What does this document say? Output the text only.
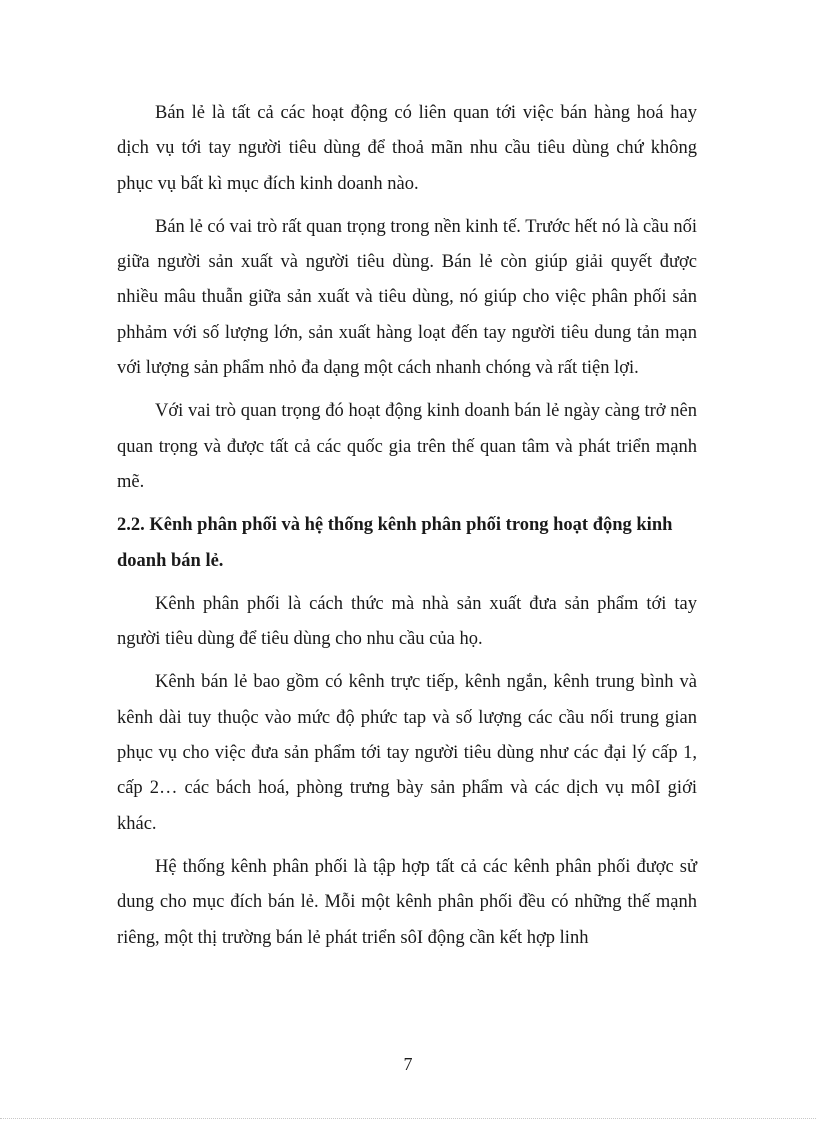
Bán lẻ là tất cả các hoạt động có liên quan tới việc bán hàng hoá hay dịch vụ tới tay người tiêu dùng để thoả mãn nhu cầu tiêu dùng chứ không phục vụ bất kì mục đích kinh doanh nào.

Bán lẻ có vai trò rất quan trọng trong nền kinh tế. Trước hết nó là cầu nối giữa người sản xuất và người tiêu dùng. Bán lẻ còn giúp giải quyết được nhiều mâu thuẫn giữa sản xuất và tiêu dùng, nó giúp cho việc phân phối sản phhảm với số lượng lớn, sản xuất hàng loạt đến tay người tiêu dung tản mạn với lượng sản phẩm nhỏ đa dạng một cách nhanh chóng và rất tiện lợi.

Với vai trò quan trọng đó hoạt động kinh doanh bán lẻ ngày càng trở nên quan trọng và được tất cả các quốc gia trên thế quan tâm và phát triển mạnh mẽ.

2.2. Kênh phân phối và hệ thống kênh phân phối trong hoạt động kinh doanh bán lẻ.

Kênh phân phối là cách thức mà nhà sản xuất đưa sản phẩm tới tay người tiêu dùng để tiêu dùng cho nhu cầu của họ.

Kênh bán lẻ bao gồm có kênh trực tiếp, kênh ngắn, kênh trung bình và kênh dài tuy thuộc vào mức độ phức tap và số lượng các cầu nối trung gian phục vụ cho việc đưa sản phẩm tới tay người tiêu dùng như các đại lý cấp 1, cấp 2… các bách hoá, phòng trưng bày sản phẩm và các dịch vụ môI giới khác.

Hệ thống kênh phân phối là tập hợp tất cả các kênh phân phối được sử dung cho mục đích bán lẻ. Mỗi một kênh phân phối đều có những thế mạnh riêng, một thị trường bán lẻ phát triển sôI động cần kết hợp linh

7
